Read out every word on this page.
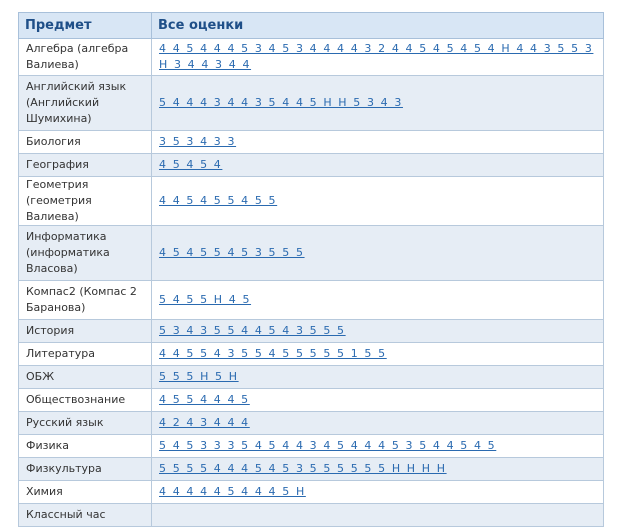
Предмет	Все оценки
Алгебра (алгебра Валиева)	4 4 5 4 4 4 5 3 4 5 3 4 4 4 4 3 2 4 4 5 4 5 4 5 4 Н 4 4 3 5 5 3 Н 3 4 4 3 4 4
Английский язык (Английский Шумихина)	5 4 4 4 3 4 4 3 5 4 4 5 Н Н 5 3 4 3
Биология	3 5 3 4 3 3
География	4 5 4 5 4
Геометрия (геометрия Валиева)	4 4 5 4 5 5 4 5 5
Информатика (информатика Власова)	4 5 4 5 5 4 5 3 5 5 5
Компас2 (Компас 2 Баранова)	5 4 5 5 Н 4 5
История	5 3 4 3 5 5 4 4 5 4 3 5 5 5
Литература	4 4 5 5 4 3 5 5 4 5 5 5 5 5 1 5 5
ОБЖ	5 5 5 Н 5 Н
Обществознание	4 5 5 4 4 4 5
Русский язык	4 2 4 3 4 4 4
Физика	5 4 5 3 3 3 5 4 5 4 4 3 4 5 4 4 4 5 3 5 4 4 5 4 5
Физкультура	5 5 5 5 4 4 4 5 4 5 3 5 5 5 5 5 5 Н Н Н Н
Химия	4 4 4 4 4 5 4 4 4 5 Н
Классный час	
